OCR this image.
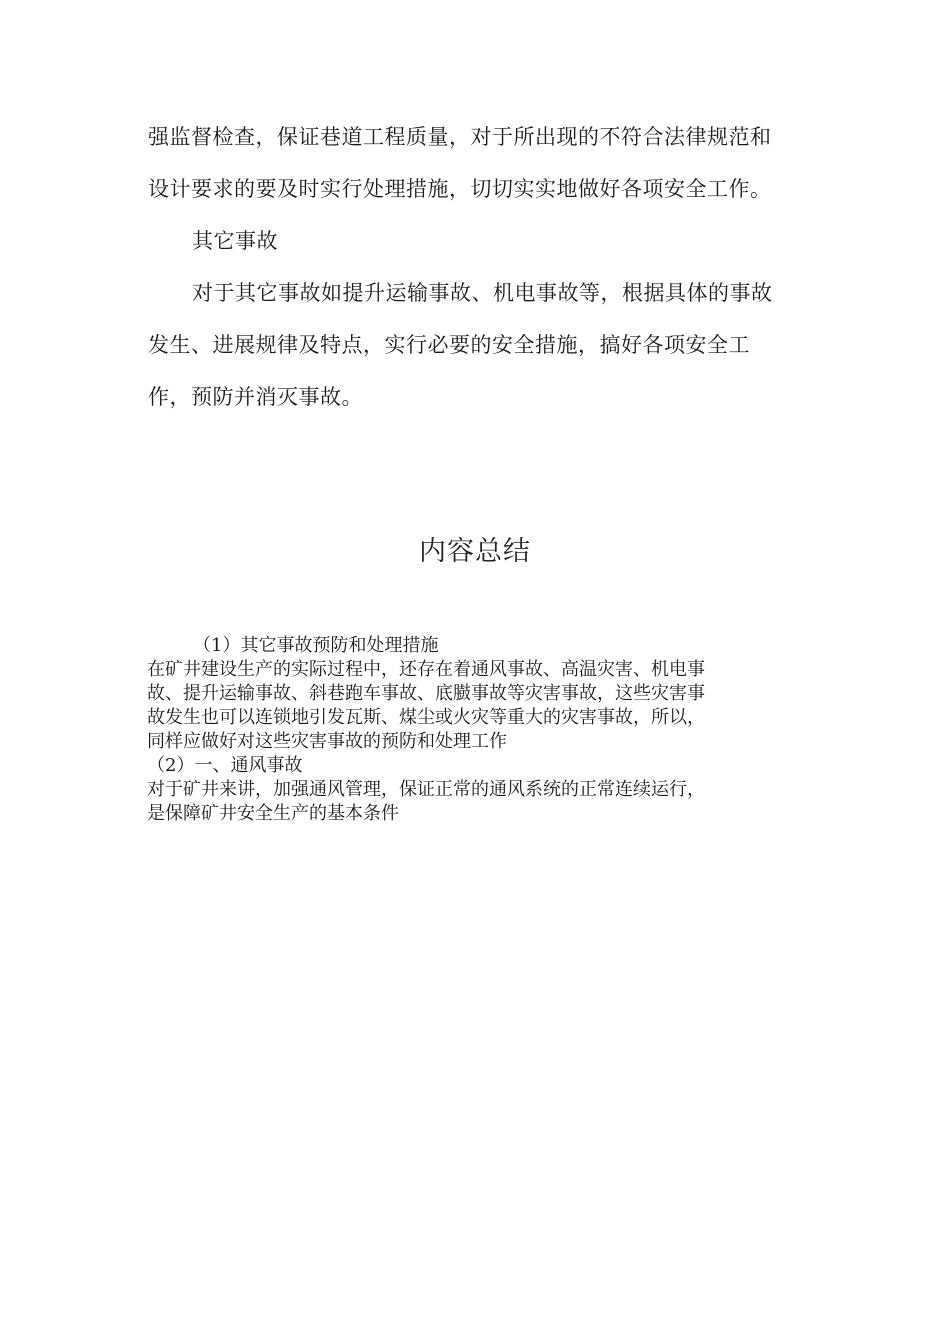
强监督检查，保证巷道工程质量，对于所出现的不符合法律规范和

设计要求的要及时实行处理措施，切切实实地做好各项安全工作。

其它事故

对于其它事故如提升运输事故、机电事故等，根据具体的事故

发生、进展规律及特点，实行必要的安全措施，搞好各项安全工

作，预防并消灭事故。

内容总结

（1）其它事故预防和处理措施

在矿井建设生产的实际过程中，还存在着通风事故、高温灾害、机电事

故、提升运输事故、斜巷跑车事故、底臌事故等灾害事故，这些灾害事

故发生也可以连锁地引发瓦斯、煤尘或火灾等重大的灾害事故，所以，

同样应做好对这些灾害事故的预防和处理工作

（2）一、通风事故

对于矿井来讲，加强通风管理，保证正常的通风系统的正常连续运行，

是保障矿井安全生产的基本条件
